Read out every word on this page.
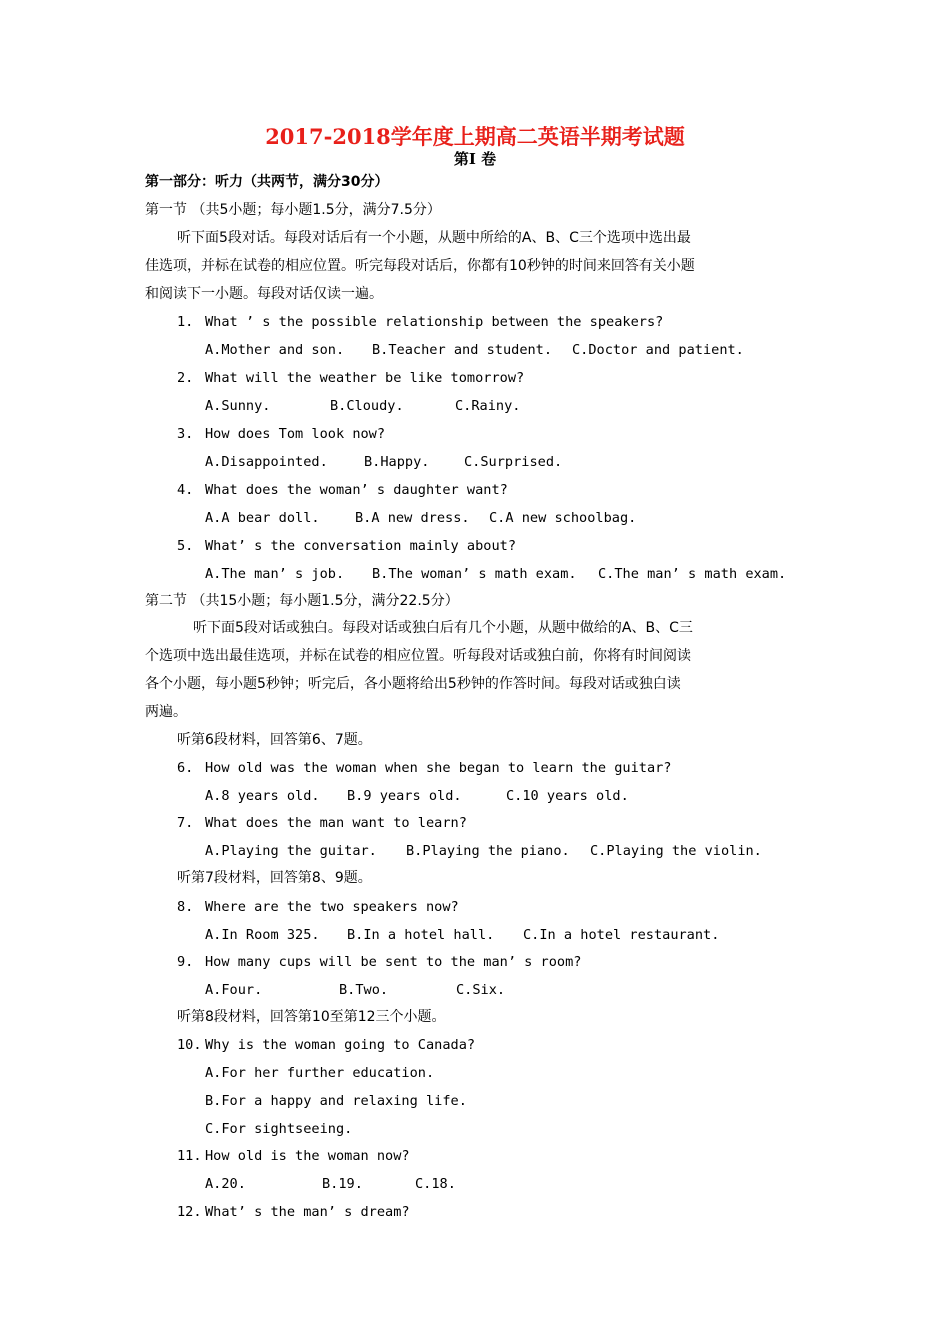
2017-2018学年度上期高二英语半期考试题
第I 卷
第一部分：听力（共两节，满分30分）
第一节 （共5小题；每小题1.5分，满分7.5分）
听下面5段对话。每段对话后有一个小题，从题中所给的A、B、C三个选项中选出最
佳选项，并标在试卷的相应位置。听完每段对话后，你都有10秒钟的时间来回答有关小题
和阅读下一小题。每段对话仅读一遍。
1. What ’ s the possible relationship between the speakers?
A.Mother and son. B.Teacher and student. C.Doctor and patient.
2. What will the weather be like tomorrow?
A.Sunny.	B.Cloudy.	C.Rainy.
3. How does Tom look now?
A.Disappointed.	B.Happy.	C.Surprised.
4. What does the woman’ s daughter want?
A.A bear doll.	B.A new dress. C.A new schoolbag.
5. What’ s the conversation mainly about?
A.The man’ s job. B.The woman’ s math exam. C.The man’ s math exam.
第二节 （共15小题；每小题1.5分，满分22.5分）
听下面5段对话或独白。每段对话或独白后有几个小题，从题中做给的A、B、C三
个选项中选出最佳选项，并标在试卷的相应位置。听每段对话或独白前，你将有时间阅读
各个小题，每小题5秒钟；听完后，各小题将给出5秒钟的作答时间。每段对话或独白读
两遍。
听第6段材料，回答第6、7题。
6. How old was the woman when she began to learn the guitar?
A.8 years old. B.9 years old.	C.10 years old.
7. What does the man want to learn?
A.Playing the guitar. B.Playing the piano. C.Playing the violin.
听第7段材料，回答第8、9题。
8. Where are the two speakers now?
A.In Room 325. B.In a hotel hall. C.In a hotel restaurant.
9. How many cups will be sent to the man’ s room?
A.Four.	B.Two.	C.Six.
听第8段材料，回答第10至第12三个小题。
10. Why is the woman going to Canada?
A.For her further education.
B.For a happy and relaxing life.
C.For sightseeing.
11. How old is the woman now?
A.20.	B.19.	C.18.
12. What’ s the man’ s dream?
